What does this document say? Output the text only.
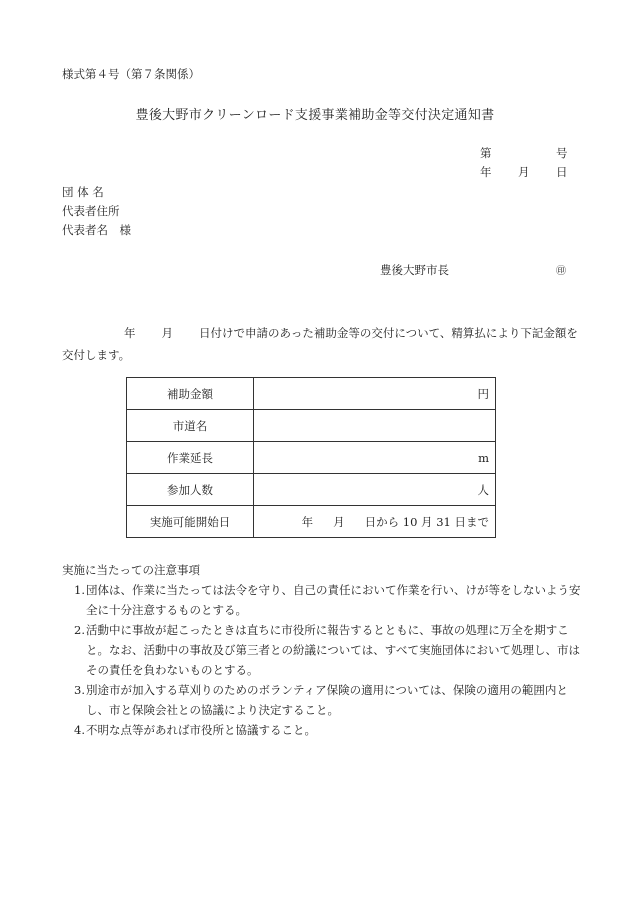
様式第４号（第７条関係）
豊後大野市クリーンロード支援事業補助金等交付決定通知書
第	号
年 月 日
団 体 名
代表者住所
代表者名　様
豊後大野市長	㊞
年 月 日付けで申請のあった補助金等の交付について、精算払により下記金額を交付します。
補助金額	円
市道名	
作業延長	m
参加人数	人
実施可能開始日	年 月 日から 10 月 31 日まで
実施に当たっての注意事項
1. 団体は、作業に当たっては法令を守り、自己の責任において作業を行い、けが等をしないよう安全に十分注意するものとする。
2. 活動中に事故が起こったときは直ちに市役所に報告するとともに、事故の処理に万全を期すこと。なお、活動中の事故及び第三者との紛議については、すべて実施団体において処理し、市はその責任を負わないものとする。
3. 別途市が加入する草刈りのためのボランティア保険の適用については、保険の適用の範囲内とし、市と保険会社との協議により決定すること。
4. 不明な点等があれば市役所と協議すること。
